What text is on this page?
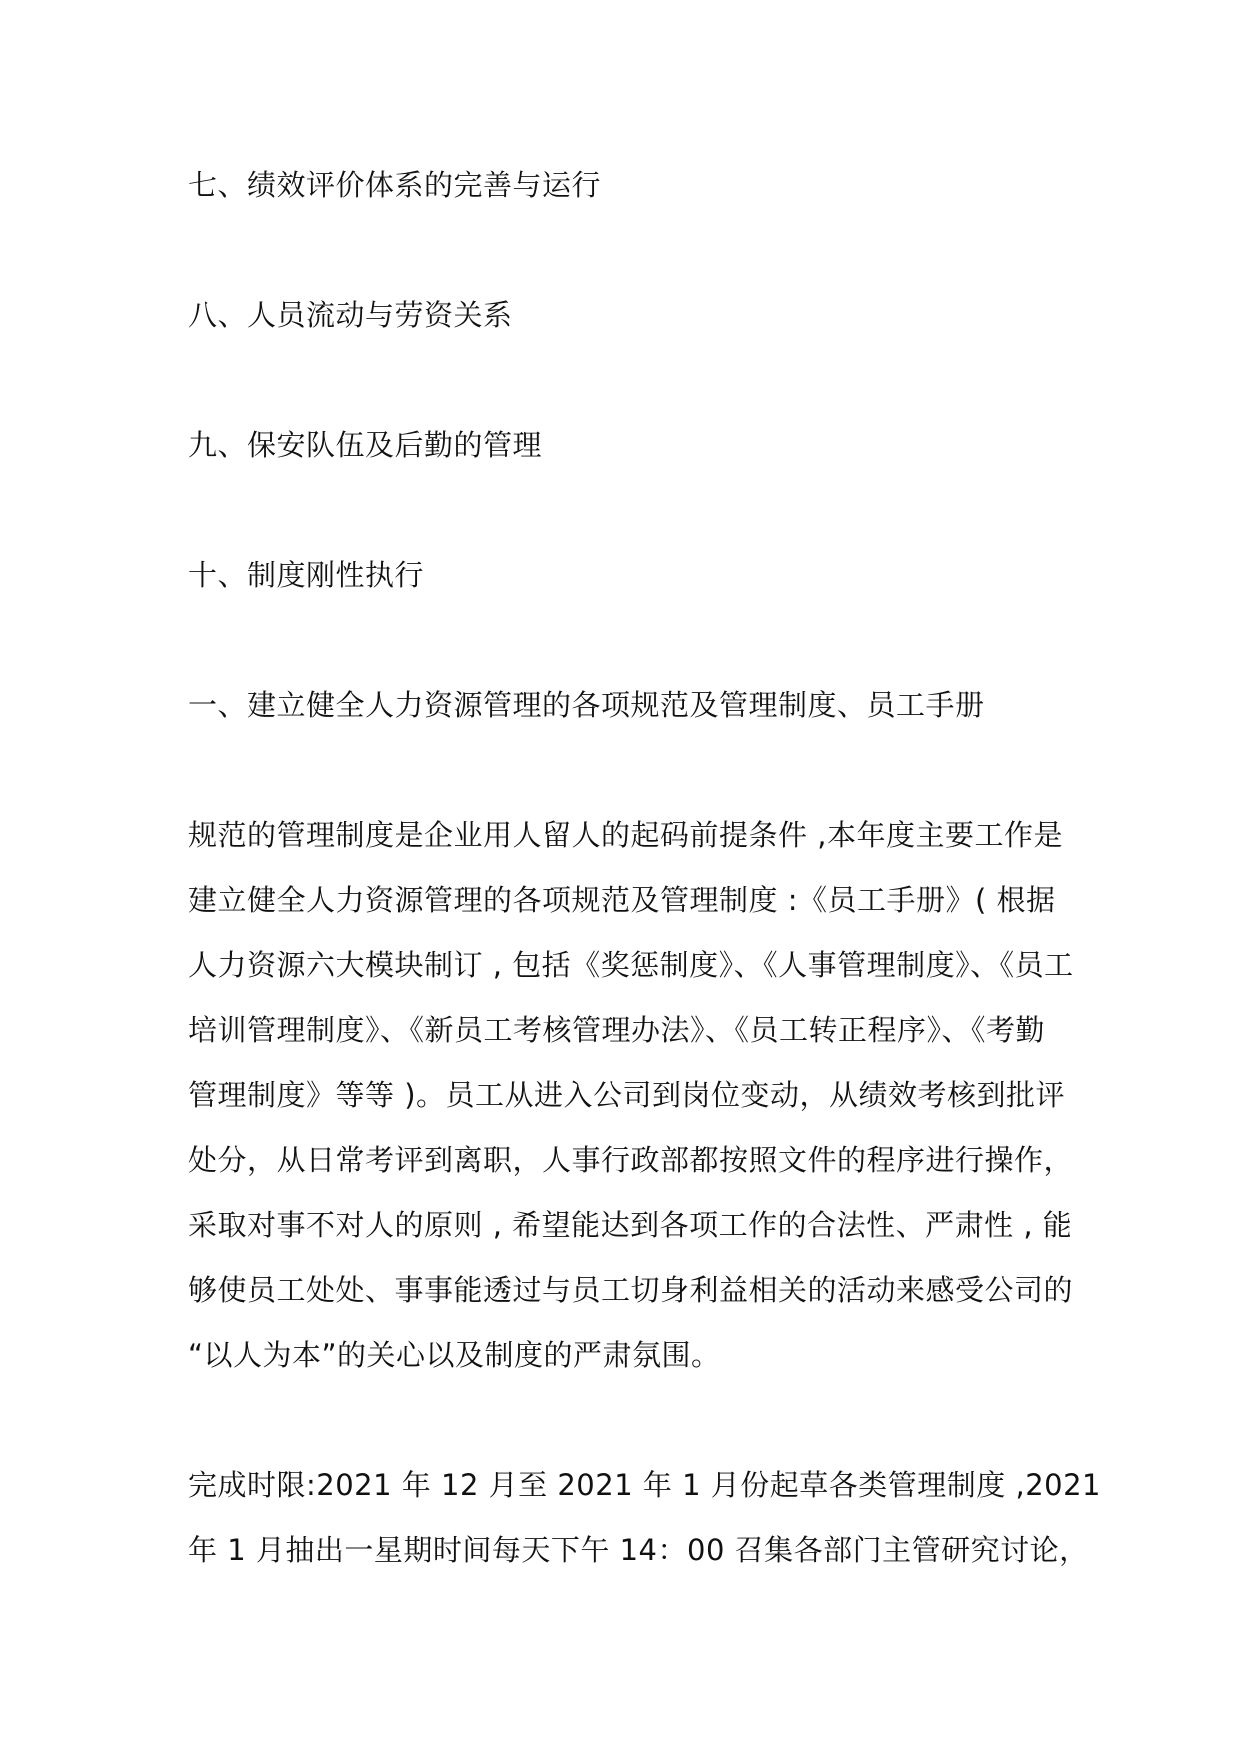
七、绩效评价体系的完善与运行
八、人员流动与劳资关系
九、保安队伍及后勤的管理
十、制度刚性执行
一、建立健全人力资源管理的各项规范及管理制度、员工手册
规范的管理制度是企业用人留人的起码前提条件 ,本年度主要工作是
建立健全人力资源管理的各项规范及管理制度 :《员工手册》( 根据
人力资源六大模块制订 , 包括《奖惩制度》、《人事管理制度》、《员工
培训管理制度》、《新员工考核管理办法》、《员工转正程序》、《考勤
管理制度》等等 )。员工从进入公司到岗位变动，从绩效考核到批评
处分，从日常考评到离职，人事行政部都按照文件的程序进行操作，
采取对事不对人的原则 , 希望能达到各项工作的合法性、严肃性 , 能
够使员工处处、事事能透过与员工切身利益相关的活动来感受公司的
“以人为本”的关心以及制度的严肃氛围。
完成时限:2021 年 12 月至 2021 年 1 月份起草各类管理制度 ,2021
年 1 月抽出一星期时间每天下午 14：00 召集各部门主管研究讨论，
